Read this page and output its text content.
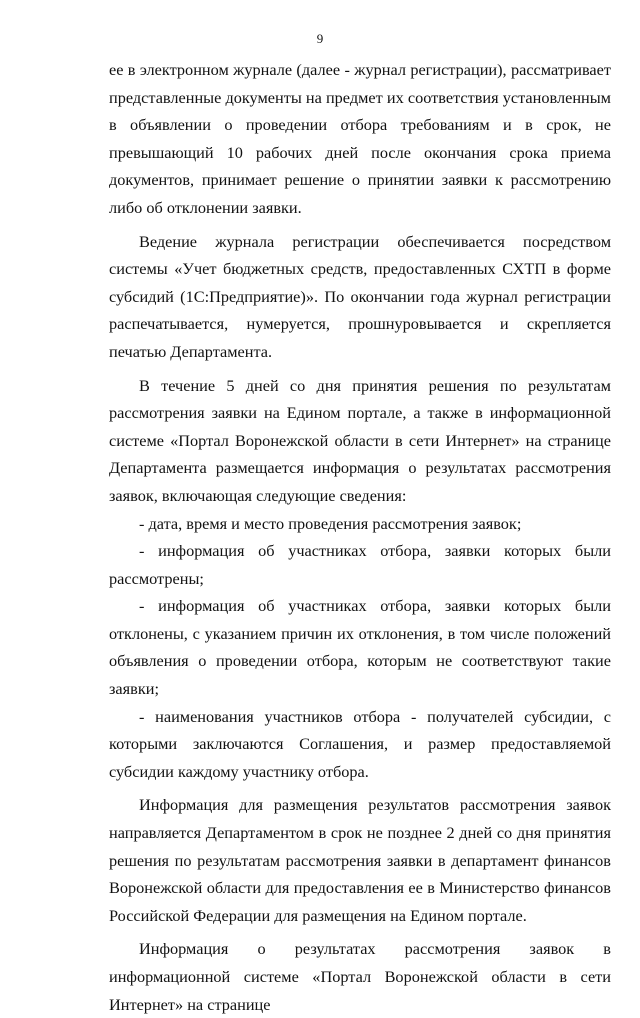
9

ее в электронном журнале (далее - журнал регистрации), рассматривает представленные документы на предмет их соответствия установленным в объявлении о проведении отбора требованиям и в срок, не превышающий 10 рабочих дней после окончания срока приема документов, принимает решение о принятии заявки к рассмотрению либо об отклонении заявки.

Ведение журнала регистрации обеспечивается посредством системы «Учет бюджетных средств, предоставленных СХТП в форме субсидий (1С:Предприятие)». По окончании года журнал регистрации распечатывается, нумеруется, прошнуровывается и скрепляется печатью Департамента.

В течение 5 дней со дня принятия решения по результатам рассмотрения заявки на Едином портале, а также в информационной системе «Портал Воронежской области в сети Интернет» на странице Департамента размещается информация о результатах рассмотрения заявок, включающая следующие сведения:

- дата, время и место проведения рассмотрения заявок;

- информация об участниках отбора, заявки которых были рассмотрены;

- информация об участниках отбора, заявки которых были отклонены, с указанием причин их отклонения, в том числе положений объявления о проведении отбора, которым не соответствуют такие заявки;

- наименования участников отбора - получателей субсидии, с которыми заключаются Соглашения, и размер предоставляемой субсидии каждому участнику отбора.

Информация для размещения результатов рассмотрения заявок направляется Департаментом в срок не позднее 2 дней со дня принятия решения по результатам рассмотрения заявки в департамент финансов Воронежской области для предоставления ее в Министерство финансов Российской Федерации для размещения на Едином портале.

Информация о результатах рассмотрения заявок в информационной системе «Портал Воронежской области в сети Интернет» на странице
